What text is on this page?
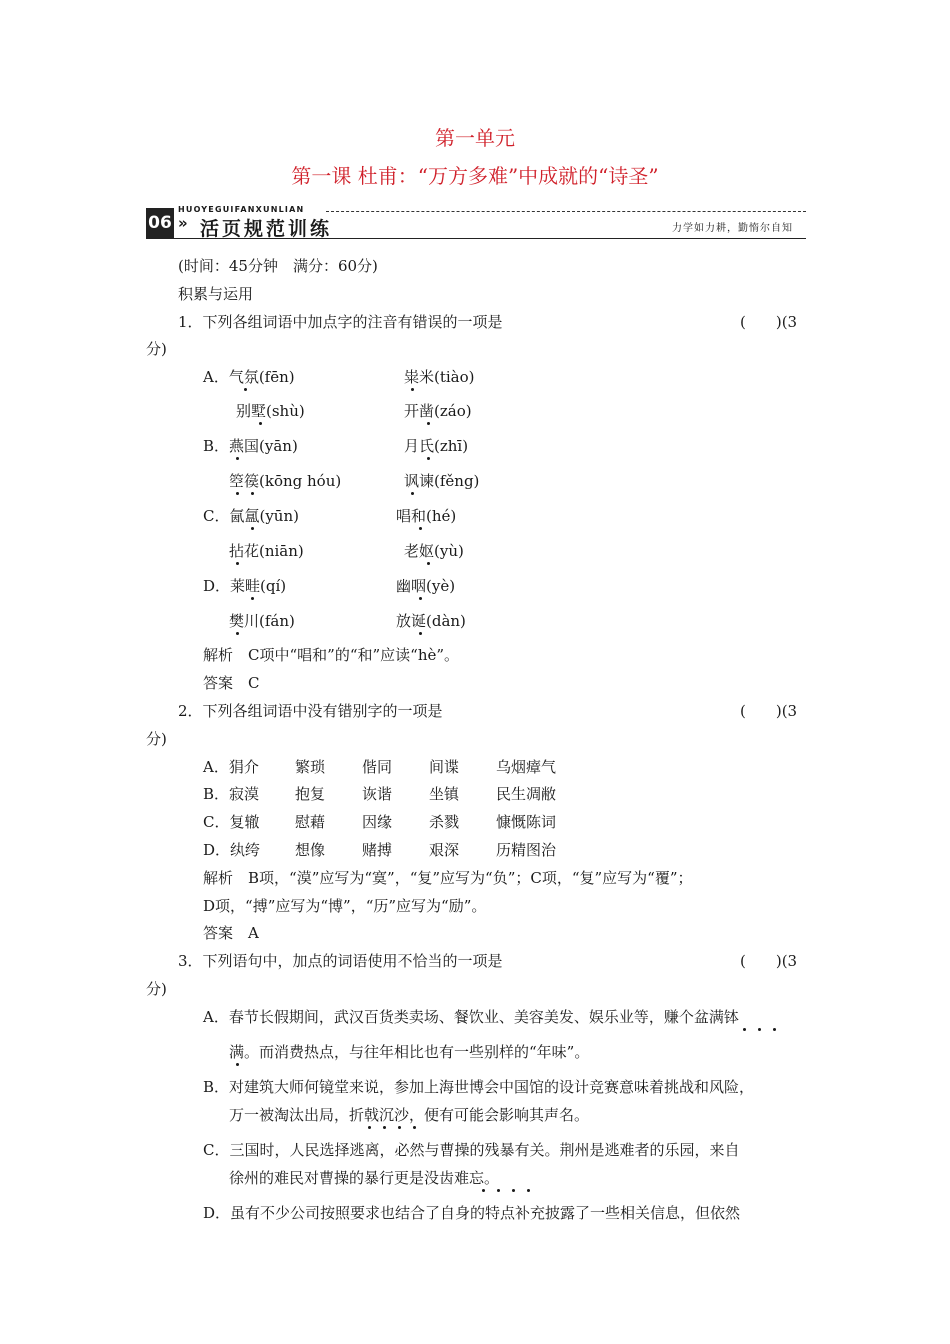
第一单元
第一课 杜甫：“万方多难”中成就的“诗圣”
HUOYEGUIFANXUNLIAN
06 » 活页规范训练	力学如力耕，勤惰尔自知
(时间：45分钟　满分：60分)
积累与运用
1．下列各组词语中加点字的注音有错误的一项是	(　　)(3
分)
A．气氛(fēn)	粜米(tiào)
别墅(shù)	开凿(záo)
B．燕国(yān)	月氏(zhī)
箜篌(kōng hóu)	讽谏(fěng)
C．氤氲(yūn)	唱和(hé)
拈花(niān)	老妪(yù)
D．莱畦(qí)	幽咽(yè)
樊川(fán)	放诞(dàn)
解析　C项中“唱和”的“和”应读“hè”。
答案　C
2．下列各组词语中没有错别字的一项是	(　　)(3
分)
A．狷介 繁琐 偕同 间谍 乌烟瘴气
B．寂漠 抱复 诙谐 坐镇 民生凋敝
C．复辙 慰藉 因缘 杀戮 慷慨陈词
D．纨绔 想像 赌搏 艰深 历精图治
解析　B项，“漠”应写为“寞”，“复”应写为“负”；C项，“复”应写为“覆”；
D项，“搏”应写为“博”，“历”应写为“励”。
答案　A
3．下列语句中，加点的词语使用不恰当的一项是	(　　)(3
分)
A．春节长假期间，武汉百货类卖场、餐饮业、美容美发、娱乐业等，赚个盆满钵
满。而消费热点，与往年相比也有一些别样的“年味”。
B．对建筑大师何镜堂来说，参加上海世博会中国馆的设计竞赛意味着挑战和风险，
万一被淘汰出局，折戟沉沙，便有可能会影响其声名。
C．三国时，人民选择逃离，必然与曹操的残暴有关。荆州是逃难者的乐园，来自
徐州的难民对曹操的暴行更是没齿难忘。
D．虽有不少公司按照要求也结合了自身的特点补充披露了一些相关信息，但依然
